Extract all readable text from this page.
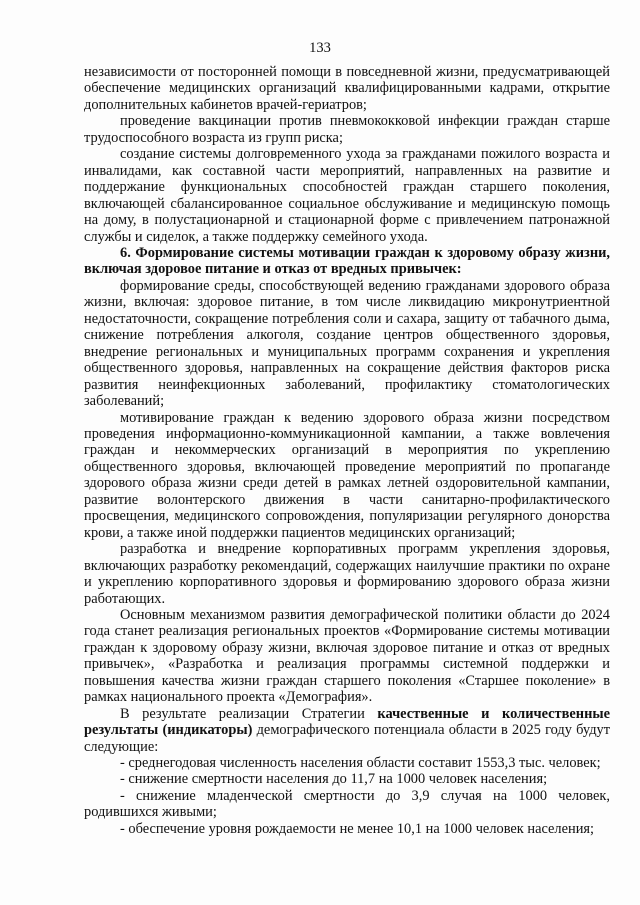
133

независимости от посторонней помощи в повседневной жизни, предусматривающей обеспечение медицинских организаций квалифицированными кадрами, открытие дополнительных кабинетов врачей-гериатров;

проведение вакцинации против пневмококковой инфекции граждан старше трудоспособного возраста из групп риска;

создание системы долговременного ухода за гражданами пожилого возраста и инвалидами, как составной части мероприятий, направленных на развитие и поддержание функциональных способностей граждан старшего поколения, включающей сбалансированное социальное обслуживание и медицинскую помощь на дому, в полустационарной и стационарной форме с привлечением патронажной службы и сиделок, а также поддержку семейного ухода.

6. Формирование системы мотивации граждан к здоровому образу жизни, включая здоровое питание и отказ от вредных привычек:

формирование среды, способствующей ведению гражданами здорового образа жизни, включая: здоровое питание, в том числе ликвидацию микронутриентной недостаточности, сокращение потребления соли и сахара, защиту от табачного дыма, снижение потребления алкоголя, создание центров общественного здоровья, внедрение региональных и муниципальных программ сохранения и укрепления общественного здоровья, направленных на сокращение действия факторов риска развития неинфекционных заболеваний, профилактику стоматологических заболеваний;

мотивирование граждан к ведению здорового образа жизни посредством проведения информационно-коммуникационной кампании, а также вовлечения граждан и некоммерческих организаций в мероприятия по укреплению общественного здоровья, включающей проведение мероприятий по пропаганде здорового образа жизни среди детей в рамках летней оздоровительной кампании, развитие волонтерского движения в части санитарно-профилактического просвещения, медицинского сопровождения, популяризации регулярного донорства крови, а также иной поддержки пациентов медицинских организаций;

разработка и внедрение корпоративных программ укрепления здоровья, включающих разработку рекомендаций, содержащих наилучшие практики по охране и укреплению корпоративного здоровья и формированию здорового образа жизни работающих.

Основным механизмом развития демографической политики области до 2024 года станет реализация региональных проектов «Формирование системы мотивации граждан к здоровому образу жизни, включая здоровое питание и отказ от вредных привычек», «Разработка и реализация программы системной поддержки и повышения качества жизни граждан старшего поколения «Старшее поколение» в рамках национального проекта «Демография».

В результате реализации Стратегии качественные и количественные результаты (индикаторы) демографического потенциала области в 2025 году будут следующие:

- среднегодовая численность населения области составит 1553,3 тыс. человек;

- снижение смертности населения до 11,7 на 1000 человек населения;

- снижение младенческой смертности до 3,9 случая на 1000 человек, родившихся живыми;

- обеспечение уровня рождаемости не менее 10,1 на 1000 человек населения;
